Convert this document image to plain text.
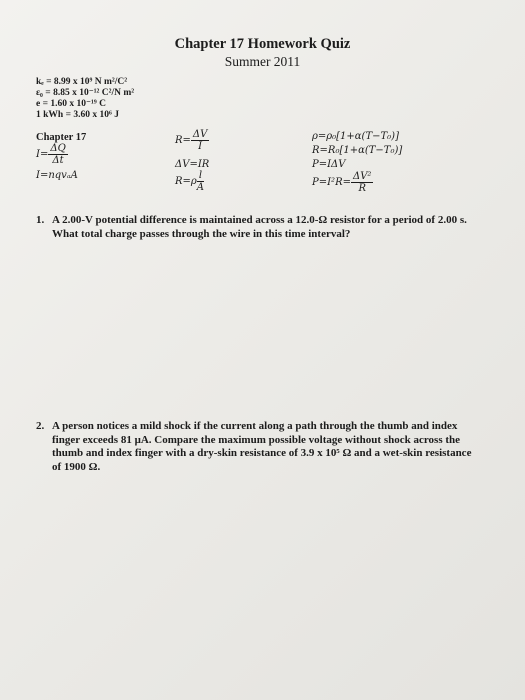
Chapter 17 Homework Quiz
Summer 2011
kₑ = 8.99 x 10⁹ N m²/C²
ε₀ = 8.85 x 10⁻¹² C²/N m²
e = 1.60 x 10⁻¹⁹ C
1 kWh = 3.60 x 10⁶ J
Chapter 17
$I= \frac{\Delta Q}{\Delta t}$
I=nqvₐA
$R= \frac{\Delta V}{I}$
ΔV=IR
$R=\rho \frac{l}{A}$
ρ=ρ₀[1+α(T−T₀)]
R=R₀[1+α(T−T₀)]
P=IΔV
$P=I^2R= \frac{\text{ΔV²}}{R}$
1. A 2.00-V potential difference is maintained across a 12.0-Ω resistor for a period of 2.00 s. What total charge passes through the wire in this time interval?
2. A person notices a mild shock if the current along a path through the thumb and index finger exceeds 81 μA. Compare the maximum possible voltage without shock across the thumb and index finger with a dry-skin resistance of 3.9 x 10⁵ Ω and a wet-skin resistance of 1900 Ω.
